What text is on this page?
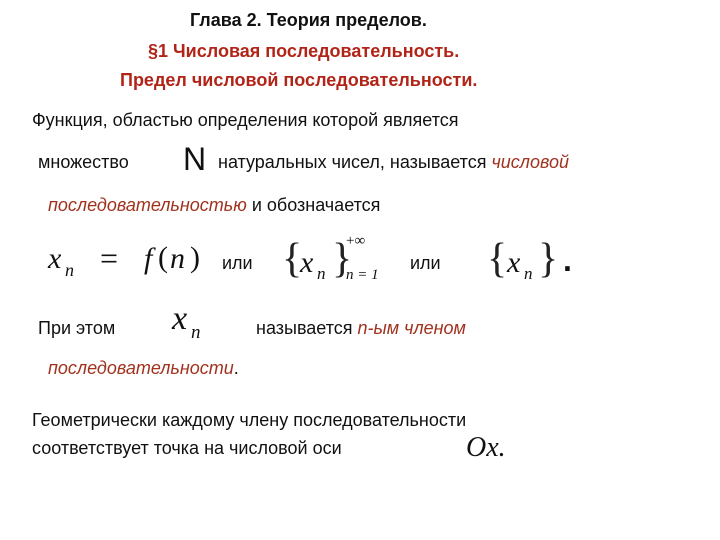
Глава 2. Теория пределов.
§1 Числовая последовательность.
Предел числовой последовательности.
Функция, областью определения которой является
множество N натуральных чисел, называется числовой
последовательностью и обозначается
x n = f ( n ) или {
x n }
+∞
n = 1
или { x n } .
При этом x n	называется n-ым членом
последовательности.
Геометрически каждому члену последовательности
соответствует точка на числовой оси	Ox.
